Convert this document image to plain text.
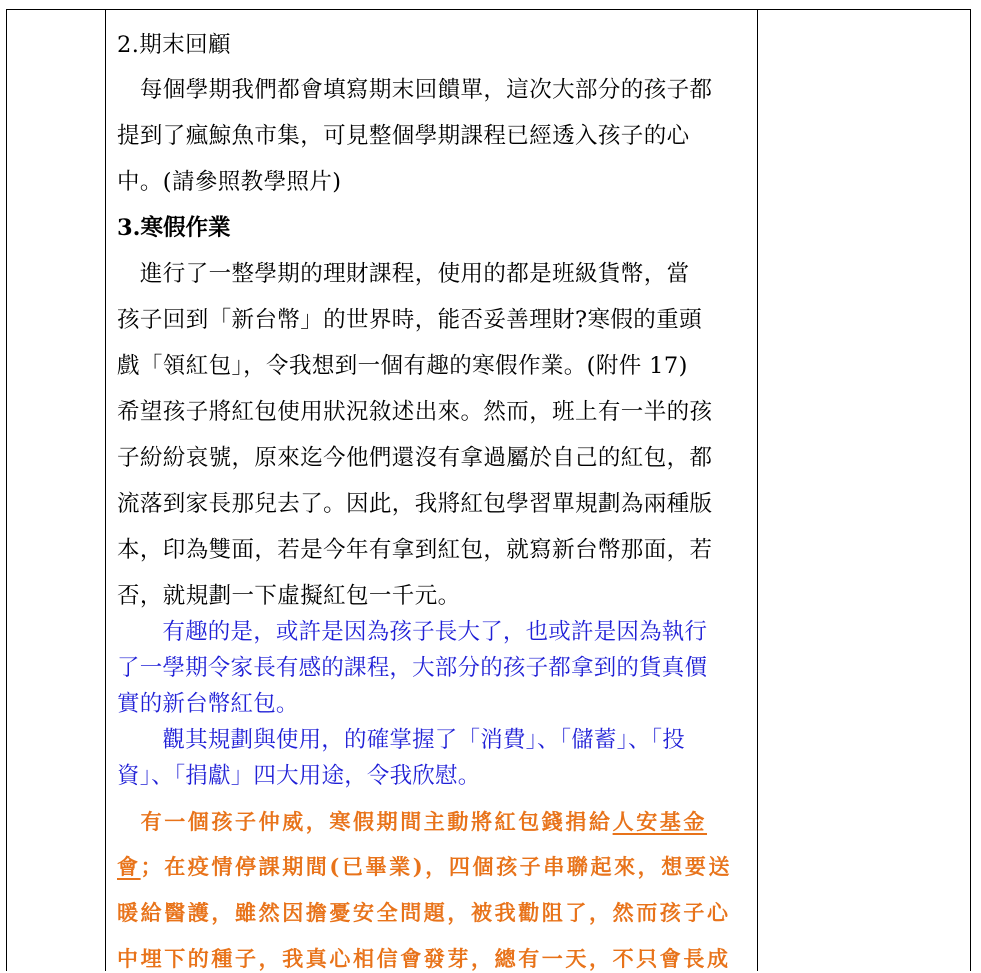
2.期末回顧
　每個學期我們都會填寫期末回饋單，這次大部分的孩子都
提到了瘋鯨魚市集，可見整個學期課程已經透入孩子的心
中。(請參照教學照片)
3.寒假作業
　進行了一整學期的理財課程，使用的都是班級貨幣，當
孩子回到「新台幣」的世界時，能否妥善理財?寒假的重頭
戲「領紅包」，令我想到一個有趣的寒假作業。(附件 17)
希望孩子將紅包使用狀況敘述出來。然而，班上有一半的孩
子紛紛哀號，原來迄今他們還沒有拿過屬於自己的紅包，都
流落到家長那兒去了。因此，我將紅包學習單規劃為兩種版
本，印為雙面，若是今年有拿到紅包，就寫新台幣那面，若
否，就規劃一下虛擬紅包一千元。
　　有趣的是，或許是因為孩子長大了，也或許是因為執行
了一學期令家長有感的課程，大部分的孩子都拿到的貨真價
實的新台幣紅包。
　　觀其規劃與使用，的確掌握了「消費」、「儲蓄」、「投
資」、「捐獻」四大用途，令我欣慰。
　有一個孩子仲威，寒假期間主動將紅包錢捐給人安基金
會；在疫情停課期間(已畢業)，四個孩子串聯起來，想要送
暖給醫護，雖然因擔憂安全問題，被我勸阻了，然而孩子心
中埋下的種子，我真心相信會發芽，總有一天，不只會長成
